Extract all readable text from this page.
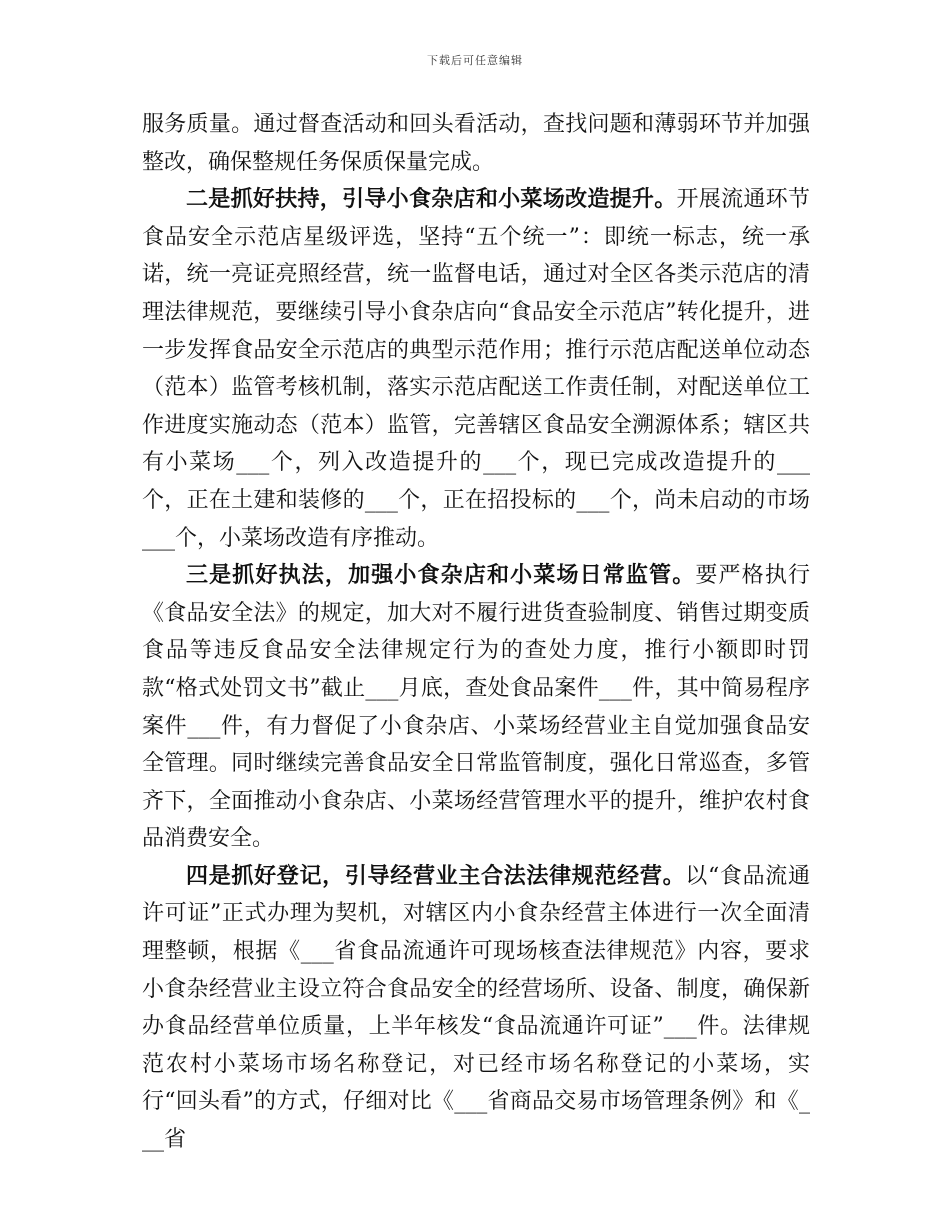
下载后可任意编辑

服务质量。通过督查活动和回头看活动，查找问题和薄弱环节并加强整改，确保整规任务保质保量完成。

二是抓好扶持，引导小食杂店和小菜场改造提升。开展流通环节食品安全示范店星级评选，坚持“五个统一”：即统一标志，统一承诺，统一亮证亮照经营，统一监督电话，通过对全区各类示范店的清理法律规范，要继续引导小食杂店向“食品安全示范店”转化提升，进一步发挥食品安全示范店的典型示范作用；推行示范店配送单位动态（范本）监管考核机制，落实示范店配送工作责任制，对配送单位工作进度实施动态（范本）监管，完善辖区食品安全溯源体系；辖区共有小菜场___个，列入改造提升的___个，现已完成改造提升的___个，正在土建和装修的___个，正在招投标的___个，尚未启动的市场___个，小菜场改造有序推动。

三是抓好执法，加强小食杂店和小菜场日常监管。要严格执行《食品安全法》的规定，加大对不履行进货查验制度、销售过期变质食品等违反食品安全法律规定行为的查处力度，推行小额即时罚款“格式处罚文书”截止___月底，查处食品案件___件，其中简易程序案件___件，有力督促了小食杂店、小菜场经营业主自觉加强食品安全管理。同时继续完善食品安全日常监管制度，强化日常巡查，多管齐下，全面推动小食杂店、小菜场经营管理水平的提升，维护农村食品消费安全。

四是抓好登记，引导经营业主合法法律规范经营。以“食品流通许可证”正式办理为契机，对辖区内小食杂经营主体进行一次全面清理整顿，根据《___省食品流通许可现场核查法律规范》内容，要求小食杂经营业主设立符合食品安全的经营场所、设备、制度，确保新办食品经营单位质量，上半年核发“食品流通许可证”___件。法律规范农村小菜场市场名称登记，对已经市场名称登记的小菜场，实行“回头看”的方式，仔细对比《___省商品交易市场管理条例》和《___省
